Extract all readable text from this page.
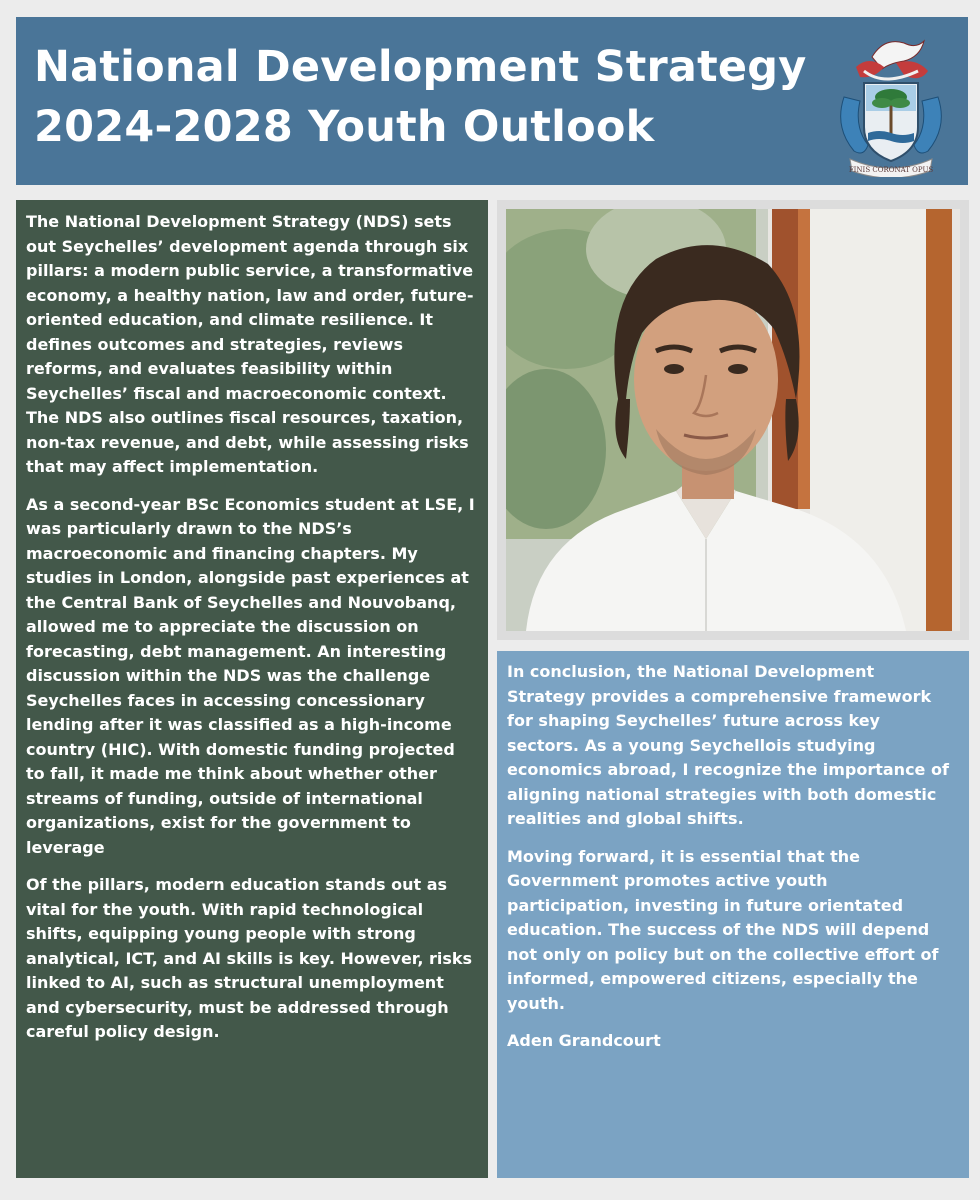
National Development Strategy
2024-2028 Youth Outlook
FINIS CORONAT OPUS

The National Development Strategy (NDS) sets out Seychelles’ development agenda through six pillars: a modern public service, a transformative economy, a healthy nation, law and order, future-oriented education, and climate resilience. It defines outcomes and strategies, reviews reforms, and evaluates feasibility within Seychelles’ fiscal and macroeconomic context. The NDS also outlines fiscal resources, taxation, non-tax revenue, and debt, while assessing risks that may affect implementation.

As a second-year BSc Economics student at LSE, I was particularly drawn to the NDS’s macroeconomic and financing chapters. My studies in London, alongside past experiences at the Central Bank of Seychelles and Nouvobanq, allowed me to appreciate the discussion on forecasting, debt management. An interesting discussion within the NDS was the challenge Seychelles faces in accessing concessionary lending after it was classified as a high-income country (HIC). With domestic funding projected to fall, it made me think about whether other streams of funding, outside of international organizations, exist for the government to leverage

Of the pillars, modern education stands out as vital for the youth. With rapid technological shifts, equipping young people with strong analytical, ICT, and AI skills is key. However, risks linked to AI, such as structural unemployment and cybersecurity, must be addressed through careful policy design.

In conclusion, the National Development Strategy provides a comprehensive framework for shaping Seychelles’ future across key sectors. As a young Seychellois studying economics abroad, I recognize the importance of aligning national strategies with both domestic realities and global shifts.

Moving forward, it is essential that the Government promotes active youth participation, investing in future orientated education. The success of the NDS will depend not only on policy but on the collective effort of informed, empowered citizens, especially the youth.

Aden Grandcourt
